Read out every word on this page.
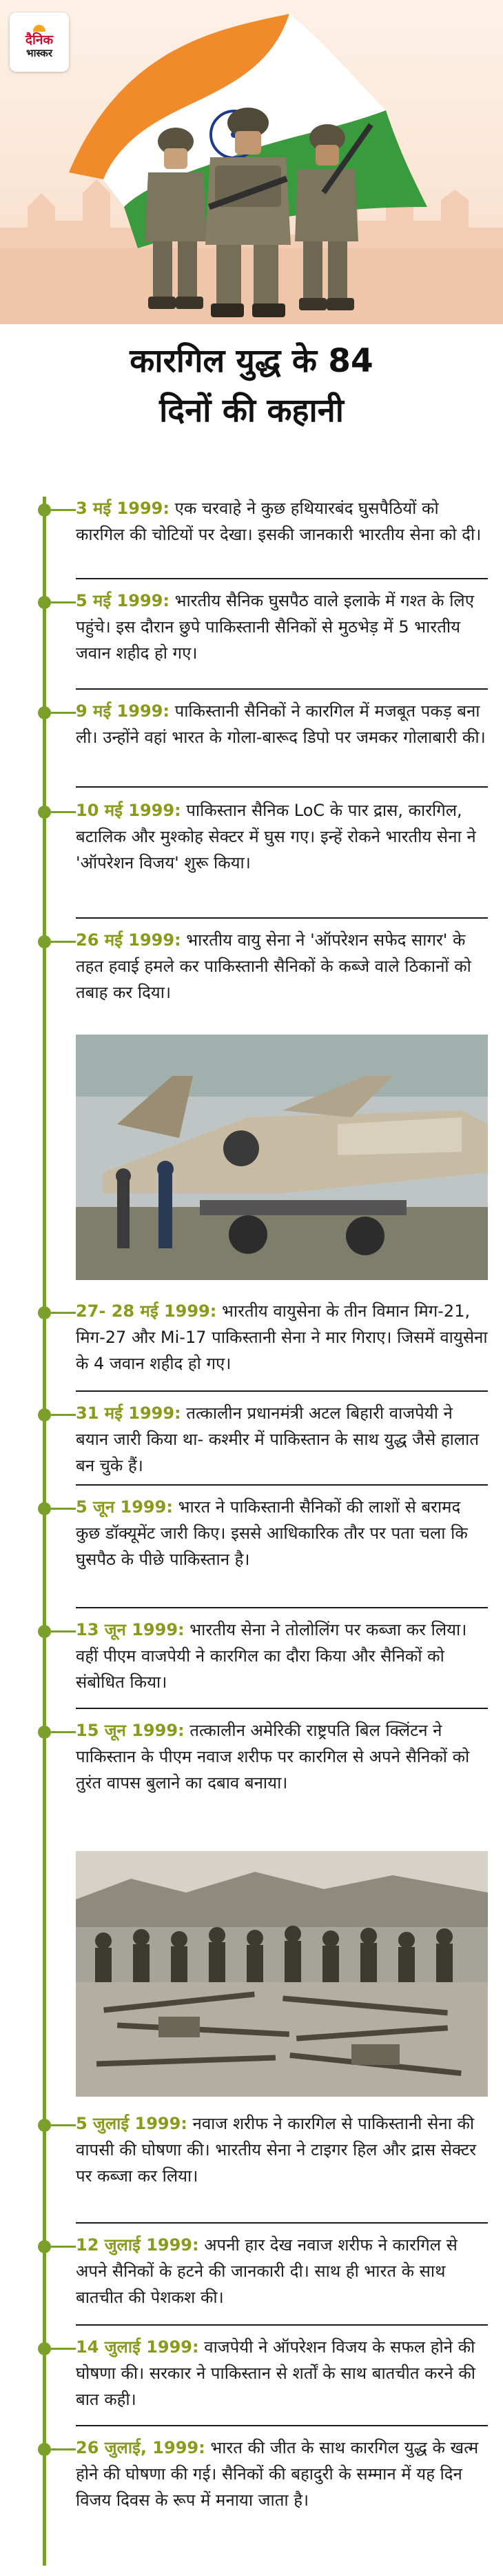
दैनिक
भास्कर
कारगिल युद्ध के 84
दिनों की कहानी

3 मई 1999: एक चरवाहे ने कुछ हथियारबंद घुसपैठियों को कारगिल की चोटियों पर देखा। इसकी जानकारी भारतीय सेना को दी।

5 मई 1999: भारतीय सैनिक घुसपैठ वाले इलाके में गश्त के लिए पहुंचे। इस दौरान छुपे पाकिस्तानी सैनिकों से मुठभेड़ में 5 भारतीय जवान शहीद हो गए।

9 मई 1999: पाकिस्तानी सैनिकों ने कारगिल में मजबूत पकड़ बना ली। उन्होंने वहां भारत के गोला-बारूद डिपो पर जमकर गोलाबारी की।

10 मई 1999: पाकिस्तान सैनिक LoC के पार द्रास, कारगिल, बटालिक और मुश्कोह सेक्टर में घुस गए। इन्हें रोकने भारतीय सेना ने 'ऑपरेशन विजय' शुरू किया।

26 मई 1999: भारतीय वायु सेना ने 'ऑपरेशन सफेद सागर' के तहत हवाई हमले कर पाकिस्तानी सैनिकों के कब्जे वाले ठिकानों को तबाह कर दिया।

27- 28 मई 1999: भारतीय वायुसेना के तीन विमान मिग-21, मिग-27 और Mi-17 पाकिस्तानी सेना ने मार गिराए। जिसमें वायुसेना के 4 जवान शहीद हो गए।

31 मई 1999: तत्कालीन प्रधानमंत्री अटल बिहारी वाजपेयी ने बयान जारी किया था- कश्मीर में पाकिस्तान के साथ युद्ध जैसे हालात बन चुके हैं।

5 जून 1999: भारत ने पाकिस्तानी सैनिकों की लाशों से बरामद कुछ डॉक्यूमेंट जारी किए। इससे आधिकारिक तौर पर पता चला कि घुसपैठ के पीछे पाकिस्तान है।

13 जून 1999: भारतीय सेना ने तोलोलिंग पर कब्जा कर लिया। वहीं पीएम वाजपेयी ने कारगिल का दौरा किया और सैनिकों को संबोधित किया।

15 जून 1999: तत्कालीन अमेरिकी राष्ट्रपति बिल क्लिंटन ने पाकिस्तान के पीएम नवाज शरीफ पर कारगिल से अपने सैनिकों को तुरंत वापस बुलाने का दबाव बनाया।

5 जुलाई 1999: नवाज शरीफ ने कारगिल से पाकिस्तानी सेना की वापसी की घोषणा की। भारतीय सेना ने टाइगर हिल और द्रास सेक्टर पर कब्जा कर लिया।

12 जुलाई 1999: अपनी हार देख नवाज शरीफ ने कारगिल से अपने सैनिकों के हटने की जानकारी दी। साथ ही भारत के साथ बातचीत की पेशकश की।

14 जुलाई 1999: वाजपेयी ने ऑपरेशन विजय के सफल होने की घोषणा की। सरकार ने पाकिस्तान से शर्तों के साथ बातचीत करने की बात कही।

26 जुलाई, 1999: भारत की जीत के साथ कारगिल युद्ध के खत्म होने की घोषणा की गई। सैनिकों की बहादुरी के सम्मान में यह दिन विजय दिवस के रूप में मनाया जाता है।
